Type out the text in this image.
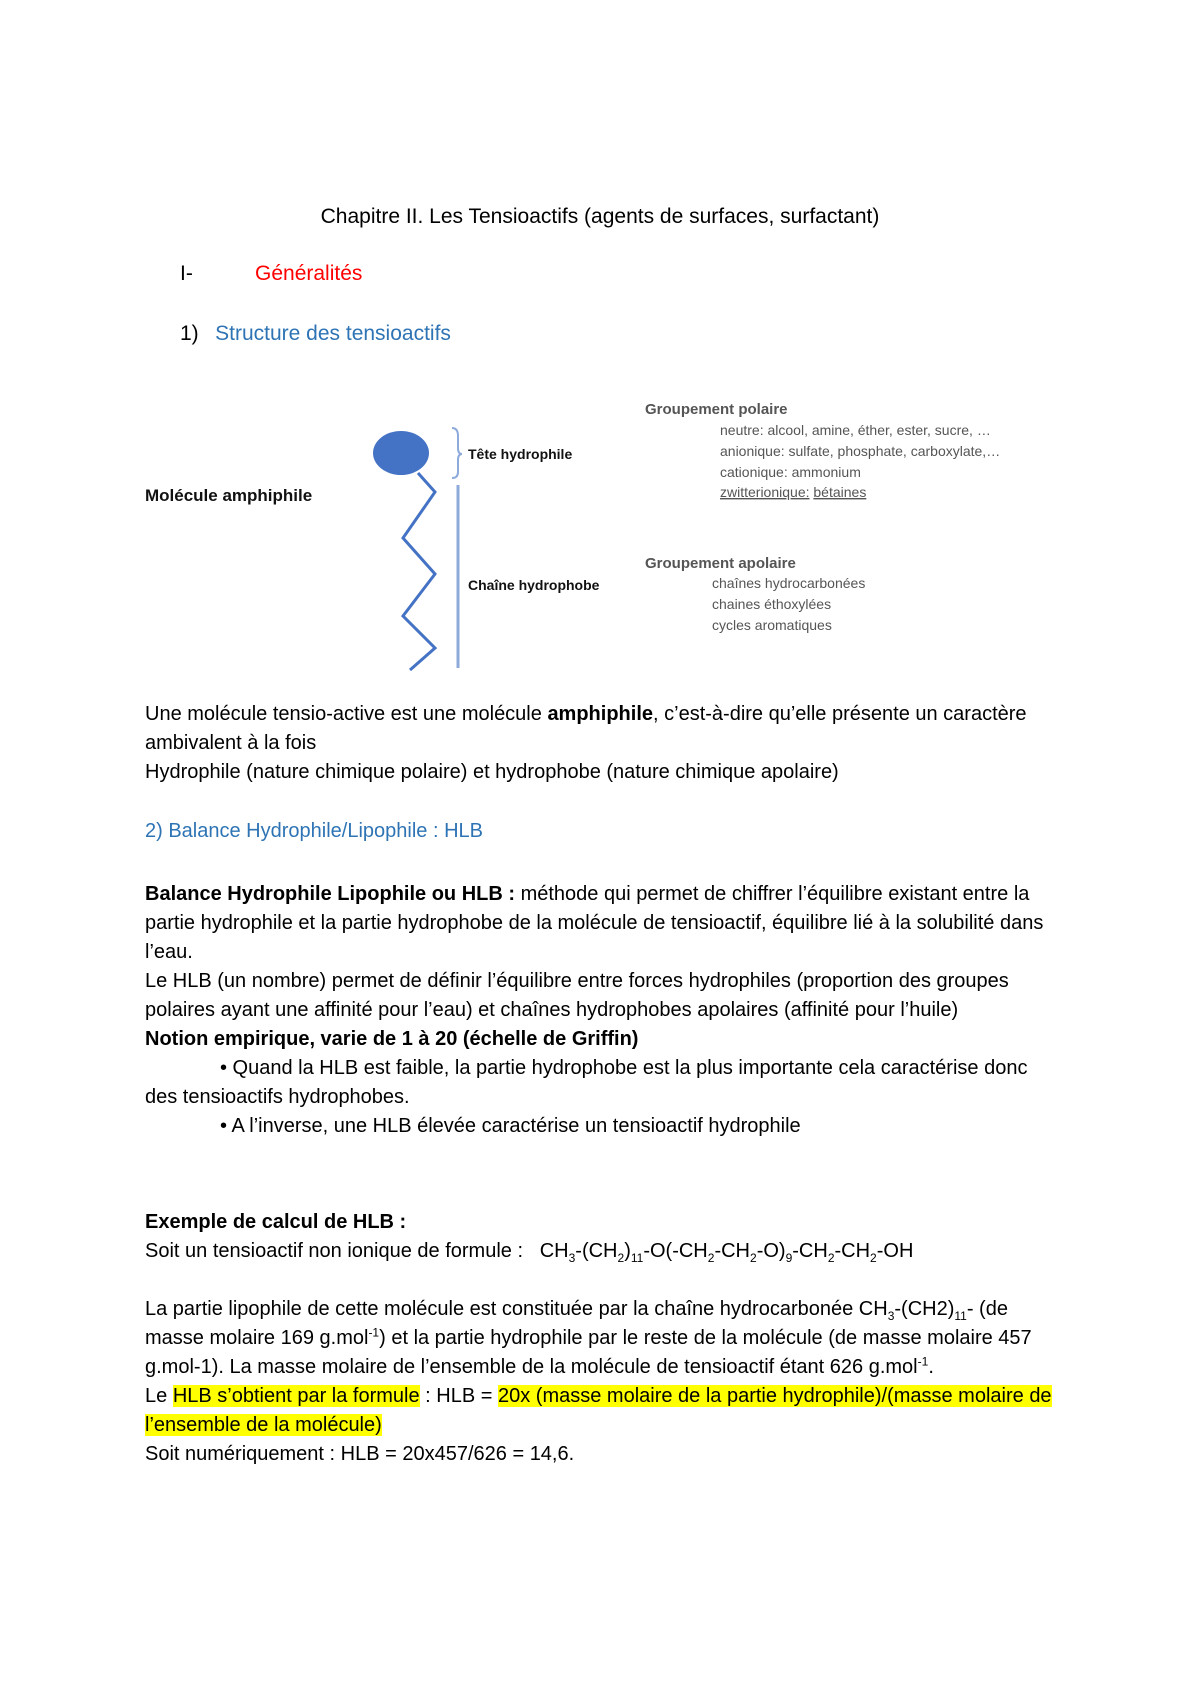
Chapitre II. Les Tensioactifs (agents de surfaces, surfactant)
I-	Généralités
1) Structure des tensioactifs
Molécule amphiphile
Tête hydrophile
Chaîne hydrophobe
Groupement polaire
neutre: alcool, amine, éther, ester, sucre, …
anionique: sulfate, phosphate, carboxylate,…
cationique: ammonium
zwitterionique: bétaines
Groupement apolaire
chaînes hydrocarbonées
chaines éthoxylées
cycles aromatiques

Une molécule tensio-active est une molécule amphiphile, c’est-à-dire qu’elle présente un caractère ambivalent à la fois

Hydrophile (nature chimique polaire) et hydrophobe (nature chimique apolaire)

2) Balance Hydrophile/Lipophile : HLB

Balance Hydrophile Lipophile ou HLB : méthode qui permet de chiffrer l’équilibre existant entre la partie hydrophile et la partie hydrophobe de la molécule de tensioactif, équilibre lié à la solubilité dans l’eau.

Le HLB (un nombre) permet de définir l’équilibre entre forces hydrophiles (proportion des groupes polaires ayant une affinité pour l’eau) et chaînes hydrophobes apolaires (affinité pour l’huile)

Notion empirique, varie de 1 à 20 (échelle de Griffin)

• Quand la HLB est faible, la partie hydrophobe est la plus importante cela caractérise donc des tensioactifs hydrophobes.

• A l’inverse, une HLB élevée caractérise un tensioactif hydrophile

Exemple de calcul de HLB :

Soit un tensioactif non ionique de formule :   $CH_3-(CH_2)_{11}-O(-CH_2-CH_2-O)_9-CH_2-CH_2-OH$

La partie lipophile de cette molécule est constituée par la chaîne hydrocarbonée $CH_3-(CH2)_{11}-$ (de masse molaire 169 g.mol$^{-1}$) et la partie hydrophile par le reste de la molécule (de masse molaire 457 g.mol-1). La masse molaire de l’ensemble de la molécule de tensioactif étant 626 g.mol$^{-1}$.

Le HLB s’obtient par la formule : HLB = 20x (masse molaire de la partie hydrophile)/(masse molaire de l’ensemble de la molécule)

Soit numériquement : HLB = 20x457/626 = 14,6.
